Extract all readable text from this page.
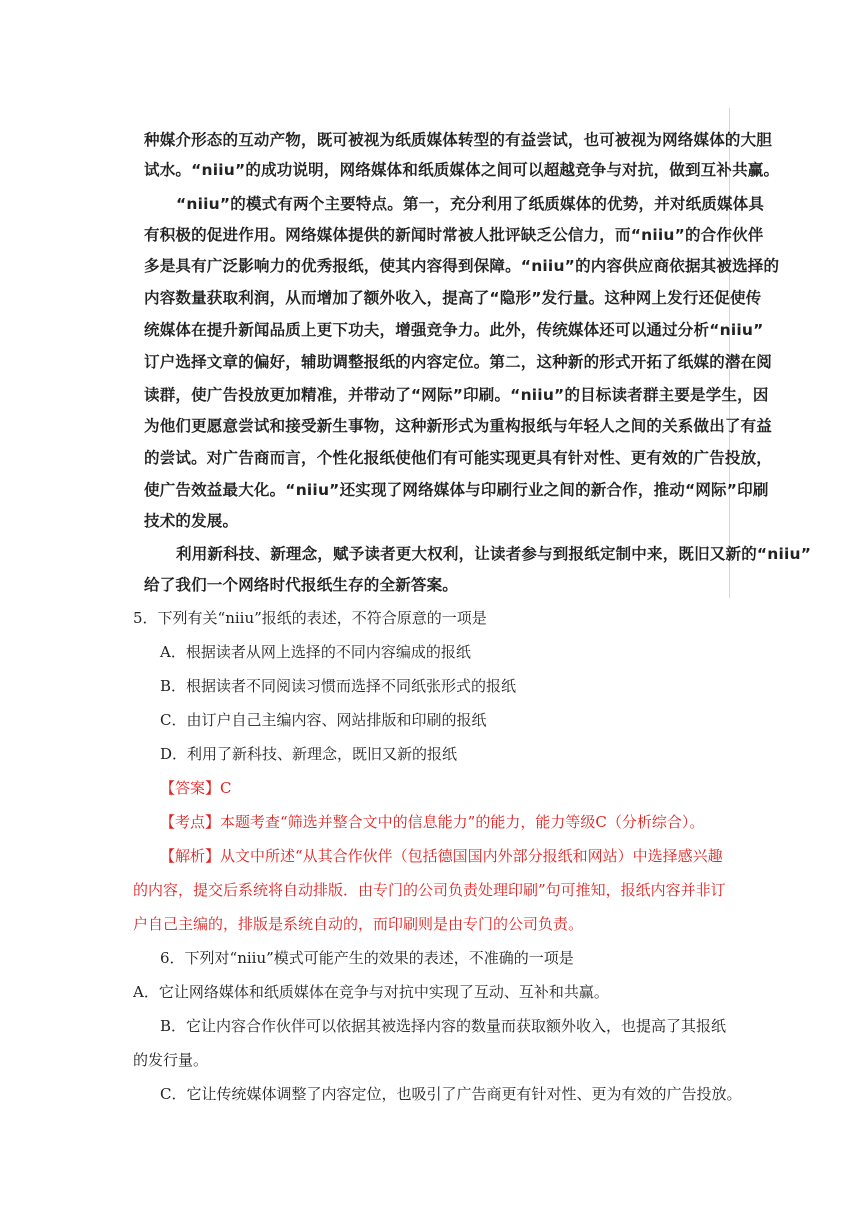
种媒介形态的互动产物，既可被视为纸质媒体转型的有益尝试，也可被视为网络媒体的大胆
试水。“niiu”的成功说明，网络媒体和纸质媒体之间可以超越竞争与对抗，做到互补共赢。
“niiu”的模式有两个主要特点。第一，充分利用了纸质媒体的优势，并对纸质媒体具
有积极的促进作用。网络媒体提供的新闻时常被人批评缺乏公信力，而“niiu”的合作伙伴
多是具有广泛影响力的优秀报纸，使其内容得到保障。“niiu”的内容供应商依据其被选择的
内容数量获取利润，从而增加了额外收入，提高了“隐形”发行量。这种网上发行还促使传
统媒体在提升新闻品质上更下功夫，增强竞争力。此外，传统媒体还可以通过分析“niiu”
订户选择文章的偏好，辅助调整报纸的内容定位。第二，这种新的形式开拓了纸媒的潜在阅
读群，使广告投放更加精准，并带动了“网际”印刷。“niiu”的目标读者群主要是学生，因
为他们更愿意尝试和接受新生事物，这种新形式为重构报纸与年轻人之间的关系做出了有益
的尝试。对广告商而言，个性化报纸使他们有可能实现更具有针对性、更有效的广告投放，
使广告效益最大化。“niiu”还实现了网络媒体与印刷行业之间的新合作，推动“网际”印刷
技术的发展。
利用新科技、新理念，赋予读者更大权利，让读者参与到报纸定制中来，既旧又新的“niiu”
给了我们一个网络时代报纸生存的全新答案。
5．下列有关“niiu”报纸的表述，不符合原意的一项是
A．根据读者从网上选择的不同内容编成的报纸
B．根据读者不同阅读习惯而选择不同纸张形式的报纸
C．由订户自己主编内容、网站排版和印刷的报纸
D．利用了新科技、新理念，既旧又新的报纸
【答案】C
【考点】本题考查“筛选并整合文中的信息能力”的能力，能力等级C（分析综合）。
【解析】从文中所述“从其合作伙伴（包括德国国内外部分报纸和网站）中选择感兴趣
的内容，提交后系统将自动排版．由专门的公司负责处理印刷”句可推知，报纸内容并非订
户自己主编的，排版是系统自动的，而印刷则是由专门的公司负责。
6．下列对“niiu”模式可能产生的效果的表述，不准确的一项是
A．它让网络媒体和纸质媒体在竞争与对抗中实现了互动、互补和共赢。
B．它让内容合作伙伴可以依据其被选择内容的数量而获取额外收入，也提高了其报纸
的发行量。
C．它让传统媒体调整了内容定位，也吸引了广告商更有针对性、更为有效的广告投放。
